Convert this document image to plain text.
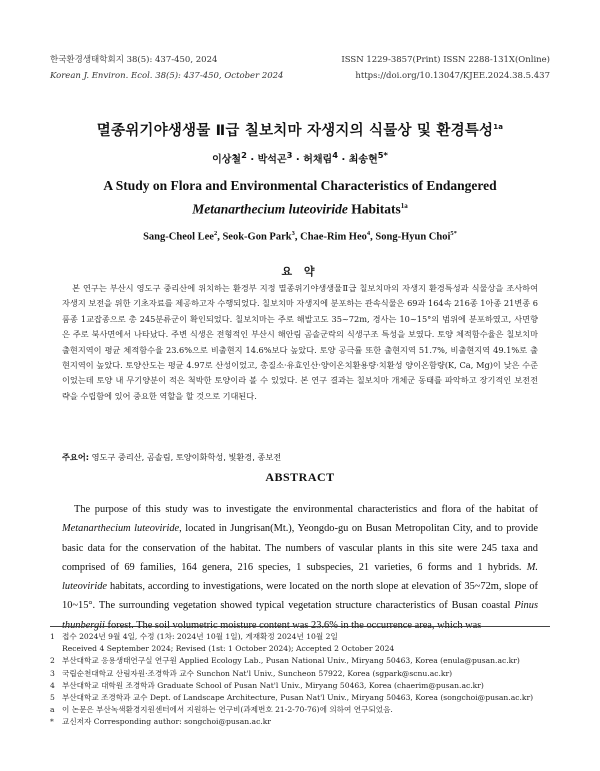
한국환경생태학회지 38(5): 437-450, 2024
Korean J. Environ. Ecol. 38(5): 437-450, October 2024
ISSN 1229-3857(Print) ISSN 2288-131X(Online)
https://doi.org/10.13047/KJEE.2024.38.5.437
멸종위기야생생물 Ⅱ급 칠보치마 자생지의 식물상 및 환경특성$^{1a}$
이상철$^2$ · 박석곤$^3$ · 허채림$^4$ · 최송현$^{5*}$
A Study on Flora and Environmental Characteristics of Endangered
Metanarthecium luteoviride Habitats$^{1a}$
Sang-Cheol Lee$^2$, Seok-Gon Park$^3$, Chae-Rim Heo$^4$, Song-Hyun Choi$^{5*}$
요 약

본 연구는 부산시 영도구 중리산에 위치하는 환경부 지정 멸종위기야생생물Ⅱ급 칠보치마의 자생지 환경특성과 식물상을 조사하여 자생지 보전을 위한 기초자료를 제공하고자 수행되었다. 칠보치마 자생지에 분포하는 관속식물은 69과 164속 216종 1아종 21변종 6품종 1교잡종으로 총 245분류군이 확인되었다. 칠보치마는 주로 해발고도 35~72m, 경사는 10~15°의 범위에 분포하였고, 사면향은 주로 북사면에서 나타났다. 주변 식생은 전형적인 부산시 해안림 곰솔군락의 식생구조 특성을 보였다. 토양 체적함수율은 칠보치마 출현지역이 평균 체적함수율 23.6%으로 비출현지 14.6%보다 높았다. 토양 공극률 또한 출현지역 51.7%, 비출현지역 49.1%로 출현지역이 높았다. 토양산도는 평균 4.97로 산성이었고, 총질소·유효인산·양이온치환용량·치환성 양이온함량(K, Ca, Mg)이 낮은 수준이었는데 토양 내 무기양분이 적은 척박한 토양이라 볼 수 있었다. 본 연구 결과는 칠보치마 개체군 동태를 파악하고 장기적인 보전전략을 수립함에 있어 중요한 역할을 할 것으로 기대된다.

주요어: 영도구 중리산, 곰솔림, 토양이화학성, 빛환경, 종보전
ABSTRACT

The purpose of this study was to investigate the environmental characteristics and flora of the habitat of Metanarthecium luteoviride, located in Jungrisan(Mt.), Yeongdo-gu on Busan Metropolitan City, and to provide basic data for the conservation of the habitat. The numbers of vascular plants in this site were 245 taxa and comprised of 69 families, 164 genera, 216 species, 1 subspecies, 21 varieties, 6 forms and 1 hybrids. M. luteoviride habitats, according to investigations, were located on the north slope at elevation of 35~72m, slope of 10~15°. The surrounding vegetation showed typical vegetation structure characteristics of Busan coastal Pinus thunbergii forest. The soil volumetric moisture content was 23.6% in the occurrence area, which was

1 접수 2024년 9월 4일, 수정 (1차: 2024년 10월 1일), 게재확정 2024년 10월 2일
Received 4 September 2024; Revised (1st: 1 October 2024); Accepted 2 October 2024
2 부산대학교 응용생태연구실 연구원 Applied Ecology Lab., Pusan National Univ., Miryang 50463, Korea (enula@pusan.ac.kr)
3 국립순천대학교 산림자원·조경학과 교수 Sunchon Nat'l Univ., Suncheon 57922, Korea (sgpark@scnu.ac.kr)
4 부산대학교 대학원 조경학과 Graduate School of Pusan Nat'l Univ., Miryang 50463, Korea (chaerim@pusan.ac.kr)
5 부산대학교 조경학과 교수 Dept. of Landscape Architecture, Pusan Nat'l Univ., Miryang 50463, Korea (songchoi@pusan.ac.kr)
a 이 논문은 부산녹색환경지원센터에서 지원하는 연구비(과제번호 21-2-70-76)에 의하여 연구되었음.
* 교신저자 Corresponding author: songchoi@pusan.ac.kr
